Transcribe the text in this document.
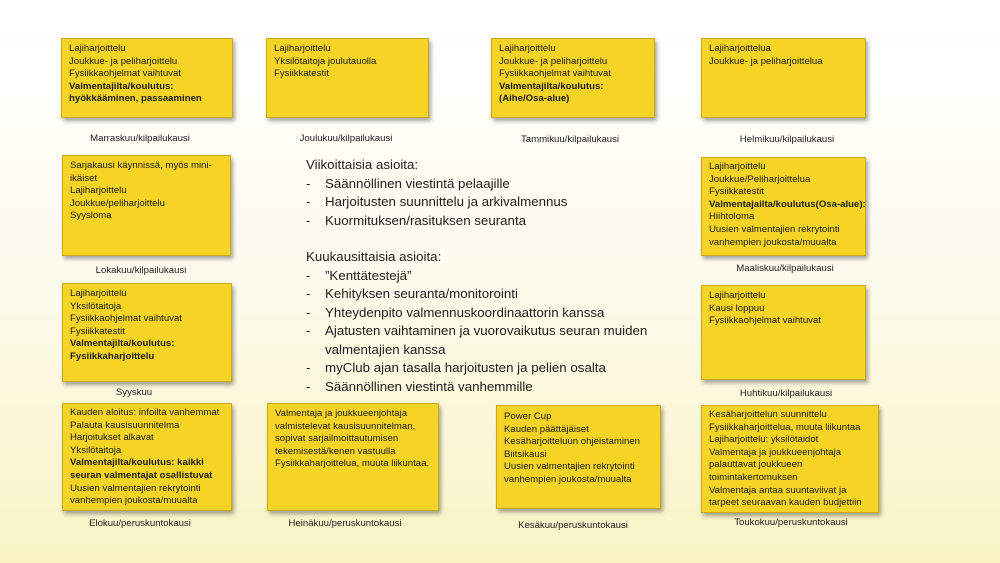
Lajiharjoittelu
Joukkue- ja peliharjoittelu
Fysiikkaohjelmat vaihtuvat
Valmentajilta/koulutus:
hyökkääminen, passaaminen
Marraskuu/kilpailukausi
Lajiharjoittelu
Yksilötaitoja joulutauolla
Fysiikkatestit
Joulukuu/kilpailukausi
Lajiharjoittelu
Joukkue- ja peliharjoittelu
Fysiikkaohjelmat vaihtuvat
Valmentajilta/koulutus:
(Aihe/Osa-alue)
Tammikuu/kilpailukausi
Lajiharjoittelua
Joukkue- ja peliharjoittelua
Helmikuu/kilpailukausi
Sarjakausi käynnissä, myös mini-
ikäiset
Lajiharjoittelu
Joukkue/peliharjoittelu
Syysloma
Lokakuu/kilpailukausi
Lajiharjoittelu
Joukkue/Peliharjoittelua
Fysiikkatestit
Valmentajailta/koulutus(Osa-alue):
Hiihtoloma
Uusien valmentajien rekrytointi
vanhempien joukosta/muualta
Maaliskuu/kilpailukausi
Viikoittaisia asioita:
- Säännöllinen viestintä pelaajille
- Harjoitusten suunnittelu ja arkivalmennus
- Kuormituksen/rasituksen seuranta
Kuukausittaisia asioita:
- ”Kenttätestejä”
- Kehityksen seuranta/monitorointi
- Yhteydenpito valmennuskoordinaattorin kanssa
- Ajatusten vaihtaminen ja vuorovaikutus seuran muiden valmentajien kanssa
- myClub ajan tasalla harjoitusten ja pelien osalta
- Säännöllinen viestintä vanhemmille
Lajiharjoittelu
Yksilötaitoja
Fysiikkaohjelmat vaihtuvat
Fysiikkatestit
Valmentajilta/koulutus:
Fysiikkaharjoittelu
Syyskuu
Lajiharjoittelu
Kausi loppuu
Fysiikkaohjelmat vaihtuvat
Huhtikuu/kilpailukausi
Kauden aloitus: infoilta vanhemmat
Palauta kausisuunnitelma
Harjoitukset alkavat
Yksilötaitoja
Valmentajilta/koulutus: kaikki
seuran valmentajat osallistuvat
Uusien valmentajien rekrytointi
vanhempien joukosta/muualta
Elokuu/peruskuntokausi
Valmentaja ja joukkueenjohtaja valmistelevat kausisuunnitelman, sopivat sarjailmoittautumisen tekemisestä/kenen vastuulla Fysiikkaharjoittelua, muuta liikuntaa.
Heinäkuu/peruskuntokausi
Power Cup
Kauden päättäjäiset
Kesäharjoitteluun ohjeistaminen
Biitsikausi
Uusien valmentajien rekrytointi
vanhempien joukosta/muualta
Kesäkuu/peruskuntokausi
Kesäharjoittelun suunnittelu
Fysiikkaharjoittelua, muuta liikuntaa
Lajiharjoittelu: yksilötaidot
Valmentaja ja joukkueenjohtaja
palauttavat joukkueen
toimintakertomuksen
Valmentaja antaa suuntaviivat ja
tarpeet seuraavan kauden budjettiin
Toukokuu/peruskuntokausi
